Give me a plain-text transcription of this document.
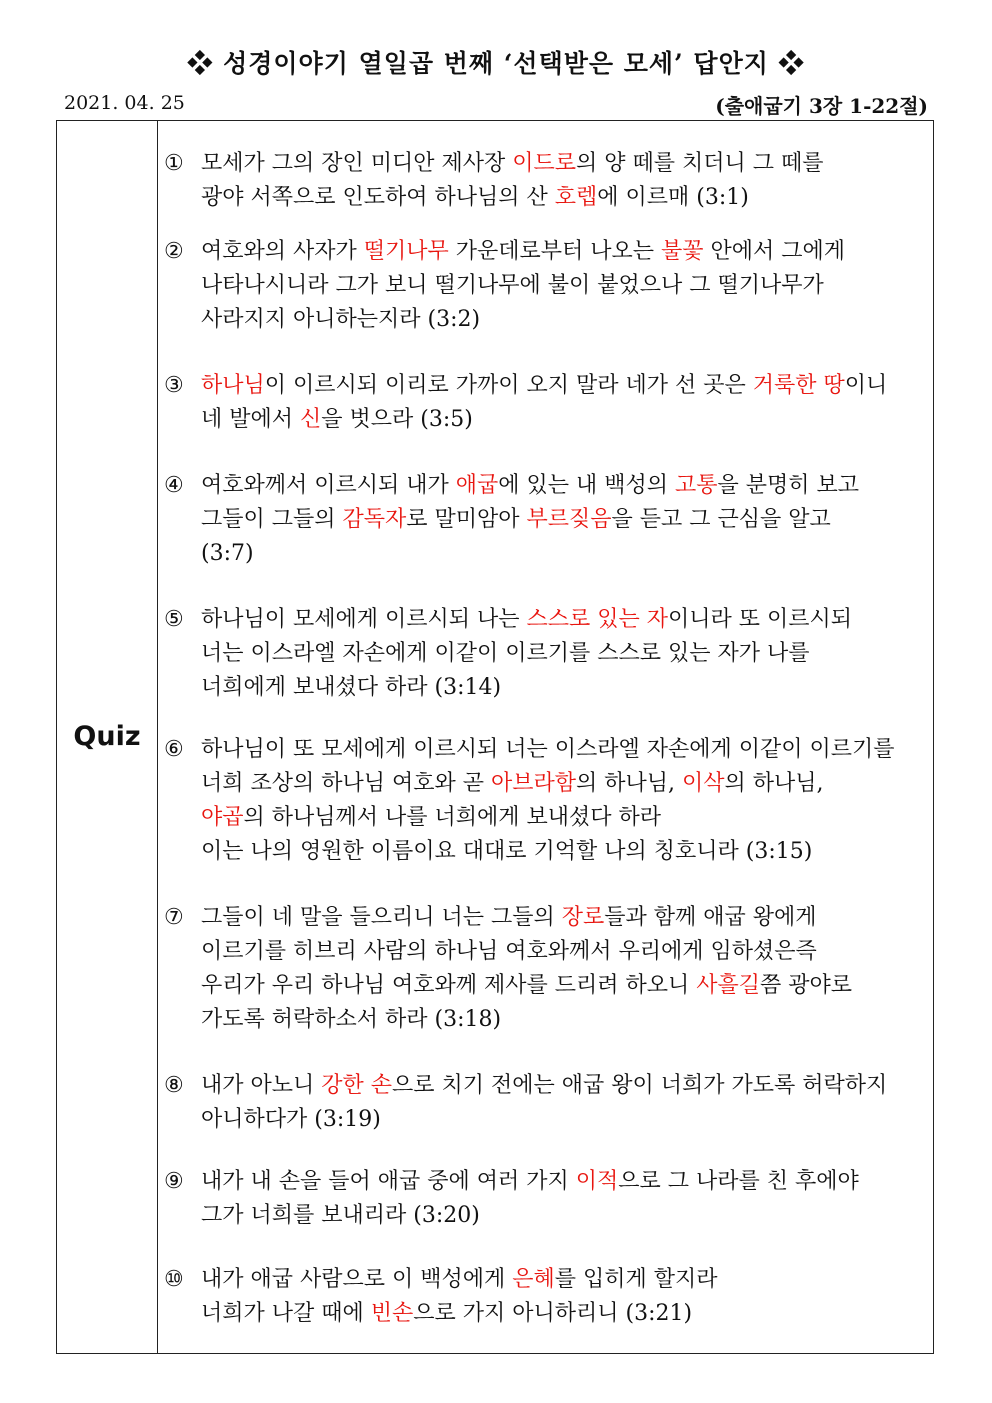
❖ 성경이야기 열일곱 번째 ‘선택받은 모세’ 답안지 ❖
2021. 04. 25	(출애굽기 3장 1-22절)
Quiz
① 모세가 그의 장인 미디안 제사장 이드로의 양 떼를 치더니 그 떼를
광야 서쪽으로 인도하여 하나님의 산 호렙에 이르매 (3:1)
② 여호와의 사자가 떨기나무 가운데로부터 나오는 불꽃 안에서 그에게
나타나시니라 그가 보니 떨기나무에 불이 붙었으나 그 떨기나무가
사라지지 아니하는지라 (3:2)
③ 하나님이 이르시되 이리로 가까이 오지 말라 네가 선 곳은 거룩한 땅이니
네 발에서 신을 벗으라 (3:5)
④ 여호와께서 이르시되 내가 애굽에 있는 내 백성의 고통을 분명히 보고
그들이 그들의 감독자로 말미암아 부르짖음을 듣고 그 근심을 알고
(3:7)
⑤ 하나님이 모세에게 이르시되 나는 스스로 있는 자이니라 또 이르시되
너는 이스라엘 자손에게 이같이 이르기를 스스로 있는 자가 나를
너희에게 보내셨다 하라 (3:14)
⑥ 하나님이 또 모세에게 이르시되 너는 이스라엘 자손에게 이같이 이르기를
너희 조상의 하나님 여호와 곧 아브라함의 하나님, 이삭의 하나님,
야곱의 하나님께서 나를 너희에게 보내셨다 하라
이는 나의 영원한 이름이요 대대로 기억할 나의 칭호니라 (3:15)
⑦ 그들이 네 말을 들으리니 너는 그들의 장로들과 함께 애굽 왕에게
이르기를 히브리 사람의 하나님 여호와께서 우리에게 임하셨은즉
우리가 우리 하나님 여호와께 제사를 드리려 하오니 사흘길쯤 광야로
가도록 허락하소서 하라 (3:18)
⑧ 내가 아노니 강한 손으로 치기 전에는 애굽 왕이 너희가 가도록 허락하지
아니하다가 (3:19)
⑨ 내가 내 손을 들어 애굽 중에 여러 가지 이적으로 그 나라를 친 후에야
그가 너희를 보내리라 (3:20)
⑩ 내가 애굽 사람으로 이 백성에게 은혜를 입히게 할지라
너희가 나갈 때에 빈손으로 가지 아니하리니 (3:21)
